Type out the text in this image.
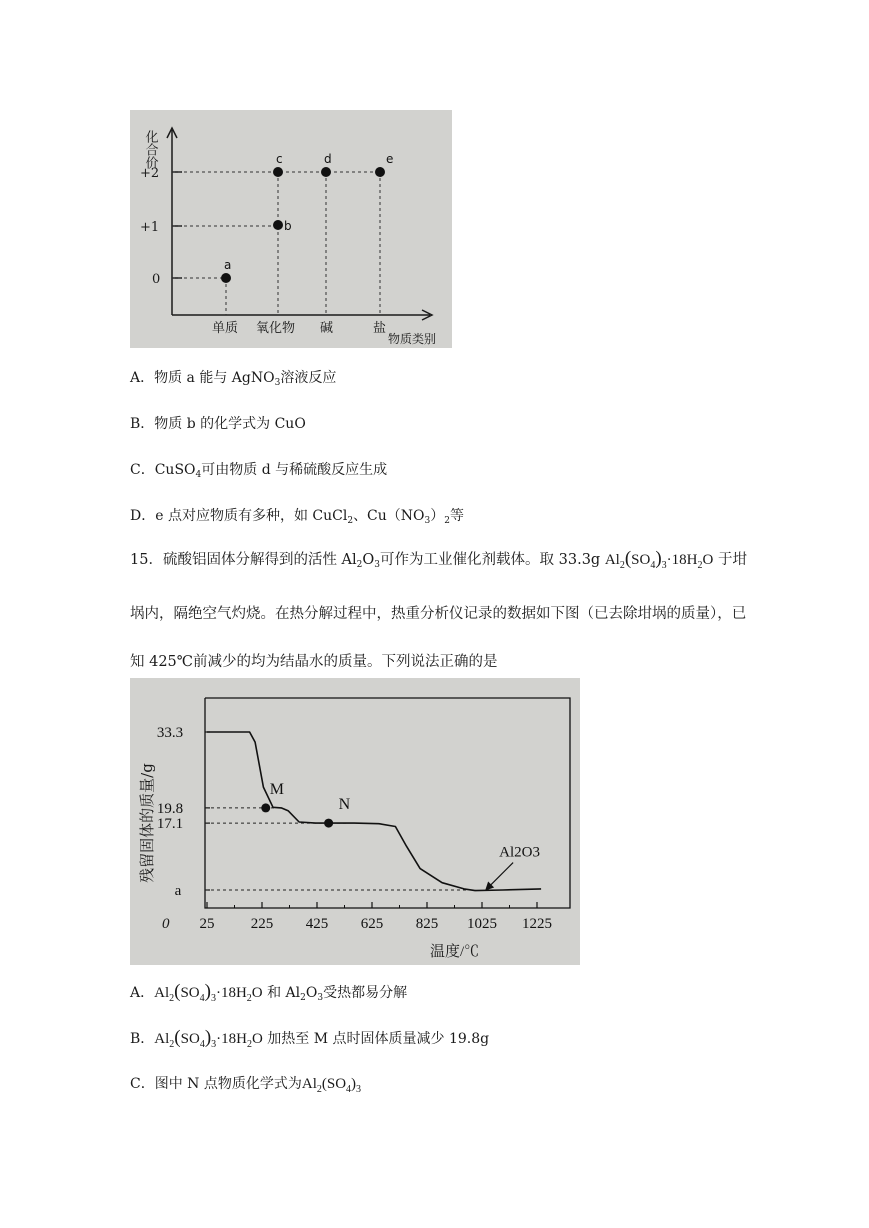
+2
+1
0
单质 氧化物 碱	盐
物质类别
化合价
a
b
c	d	e
A．物质 a 能与 AgNO$_3$溶液反应
B．物质 b 的化学式为 CuO
C．CuSO$_4$可由物质 d 与稀硫酸反应生成
D．e 点对应物质有多种，如 CuCl$_2$、$Cu(NO_3)_2$等
15．硫酸铝固体分解得到的活性 $Al_2O_3$可作为工业催化剂载体。取 33.3g $Al_2(SO_4)_3\cdot 18H_2O$ 于坩埚内，隔绝空气灼烧。在热分解过程中，热重分析仪记录的数据如下图（已去除坩埚的质量），已知 425℃前减少的均为结晶水的质量。下列说法正确的是
0
温度/℃
残留固体的质量/g
25 225 425 625 825 1025 1225
33.3
19.8
17.1
a
M
N
Al2O3
A．$Al_2(SO_4)_3\cdot 18H_2O$ 和 $Al_2O_3$受热都易分解
B．$Al_2(SO_4)_3\cdot 18H_2O$ 加热至 M 点时固体质量减少 19.8g
C．图中 N 点物质化学式为$Al_2(SO_4)_3$
